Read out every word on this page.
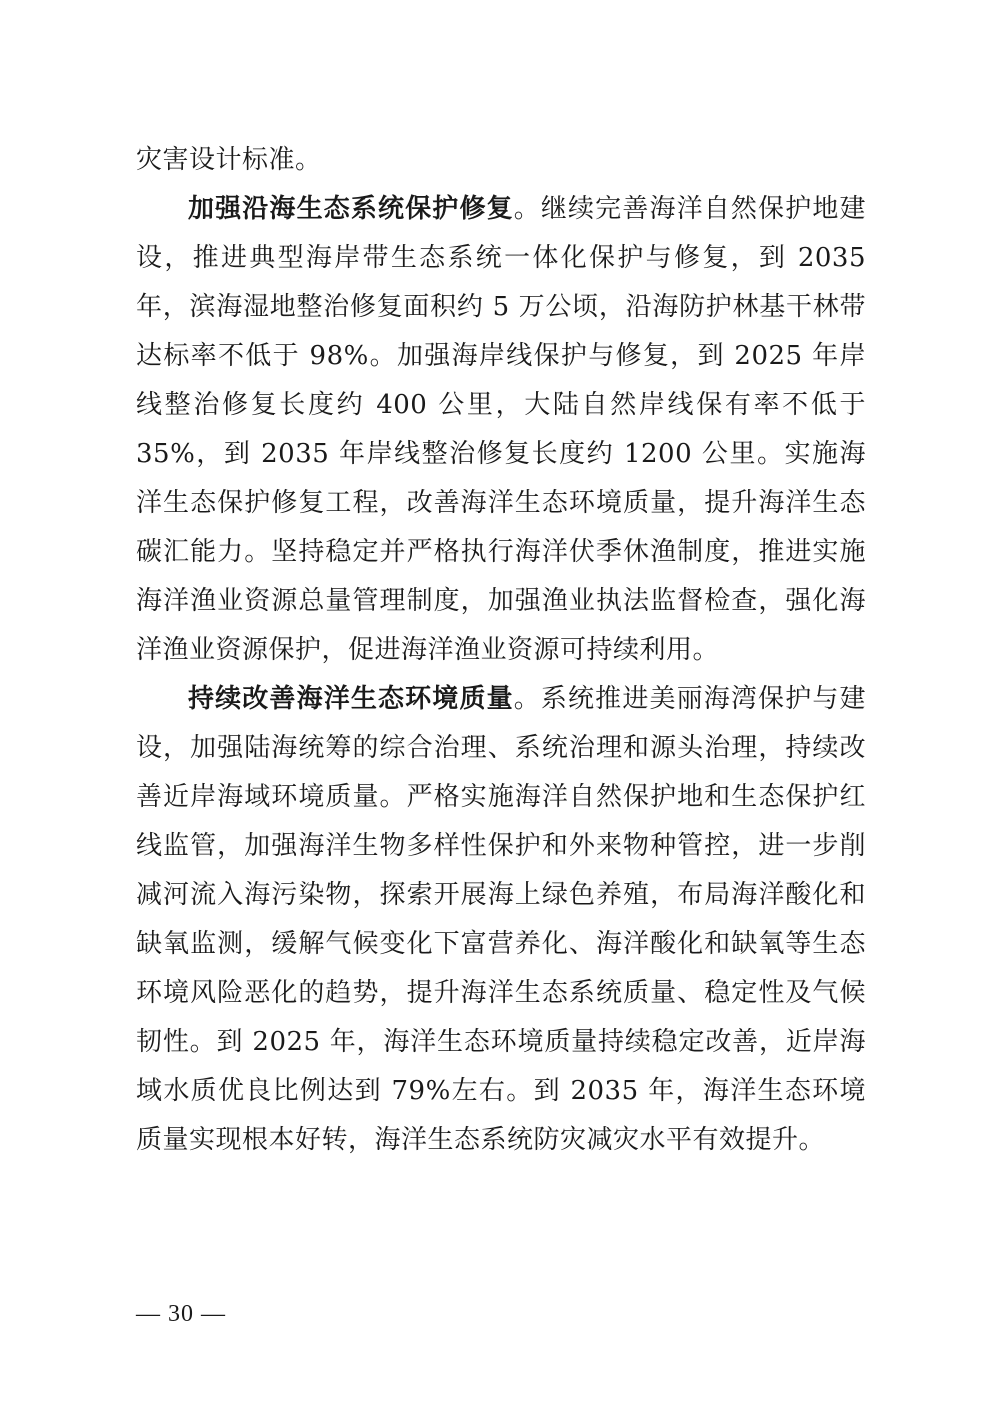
灾害设计标准。

加强沿海生态系统保护修复。继续完善海洋自然保护地建设，推进典型海岸带生态系统一体化保护与修复，到 2035 年，滨海湿地整治修复面积约 5 万公顷，沿海防护林基干林带达标率不低于 98%。加强海岸线保护与修复，到 2025 年岸线整治修复长度约 400 公里，大陆自然岸线保有率不低于 35%，到 2035 年岸线整治修复长度约 1200 公里。实施海洋生态保护修复工程，改善海洋生态环境质量，提升海洋生态碳汇能力。坚持稳定并严格执行海洋伏季休渔制度，推进实施海洋渔业资源总量管理制度，加强渔业执法监督检查，强化海洋渔业资源保护，促进海洋渔业资源可持续利用。

持续改善海洋生态环境质量。系统推进美丽海湾保护与建设，加强陆海统筹的综合治理、系统治理和源头治理，持续改善近岸海域环境质量。严格实施海洋自然保护地和生态保护红线监管，加强海洋生物多样性保护和外来物种管控，进一步削减河流入海污染物，探索开展海上绿色养殖，布局海洋酸化和缺氧监测，缓解气候变化下富营养化、海洋酸化和缺氧等生态环境风险恶化的趋势，提升海洋生态系统质量、稳定性及气候韧性。到 2025 年，海洋生态环境质量持续稳定改善，近岸海域水质优良比例达到 79%左右。到 2035 年，海洋生态环境质量实现根本好转，海洋生态系统防灾减灾水平有效提升。

— 30 —
